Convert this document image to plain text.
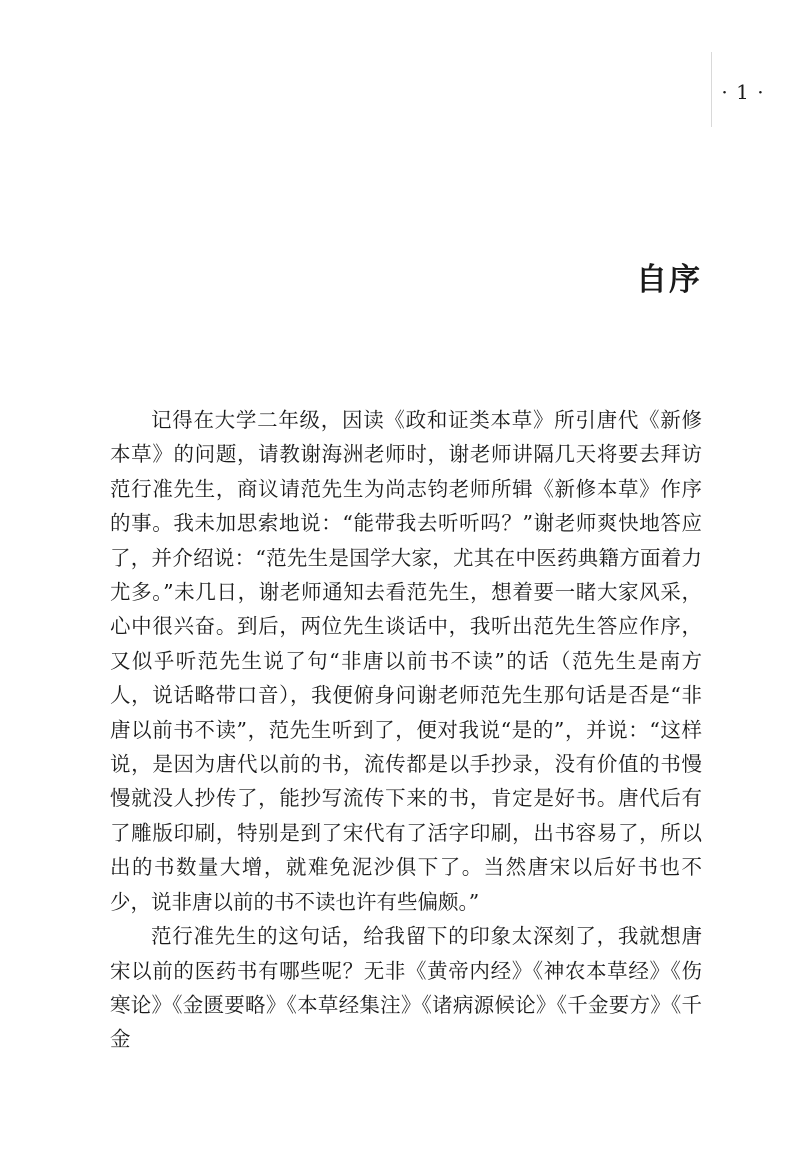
· 1 ·
自序

记得在大学二年级，因读《政和证类本草》所引唐代《新修本草》的问题，请教谢海洲老师时，谢老师讲隔几天将要去拜访范行准先生，商议请范先生为尚志钧老师所辑《新修本草》作序的事。我未加思索地说：“能带我去听听吗？”谢老师爽快地答应了，并介绍说：“范先生是国学大家，尤其在中医药典籍方面着力尤多。”未几日，谢老师通知去看范先生，想着要一睹大家风采，心中很兴奋。到后，两位先生谈话中，我听出范先生答应作序，又似乎听范先生说了句“非唐以前书不读”的话（范先生是南方人，说话略带口音），我便俯身问谢老师范先生那句话是否是“非唐以前书不读”，范先生听到了，便对我说“是的”，并说：“这样说，是因为唐代以前的书，流传都是以手抄录，没有价值的书慢慢就没人抄传了，能抄写流传下来的书，肯定是好书。唐代后有了雕版印刷，特别是到了宋代有了活字印刷，出书容易了，所以出的书数量大增，就难免泥沙俱下了。当然唐宋以后好书也不少，说非唐以前的书不读也许有些偏颇。”

范行准先生的这句话，给我留下的印象太深刻了，我就想唐宋以前的医药书有哪些呢？无非《黄帝内经》《神农本草经》《伤寒论》《金匮要略》《本草经集注》《诸病源候论》《千金要方》《千金
